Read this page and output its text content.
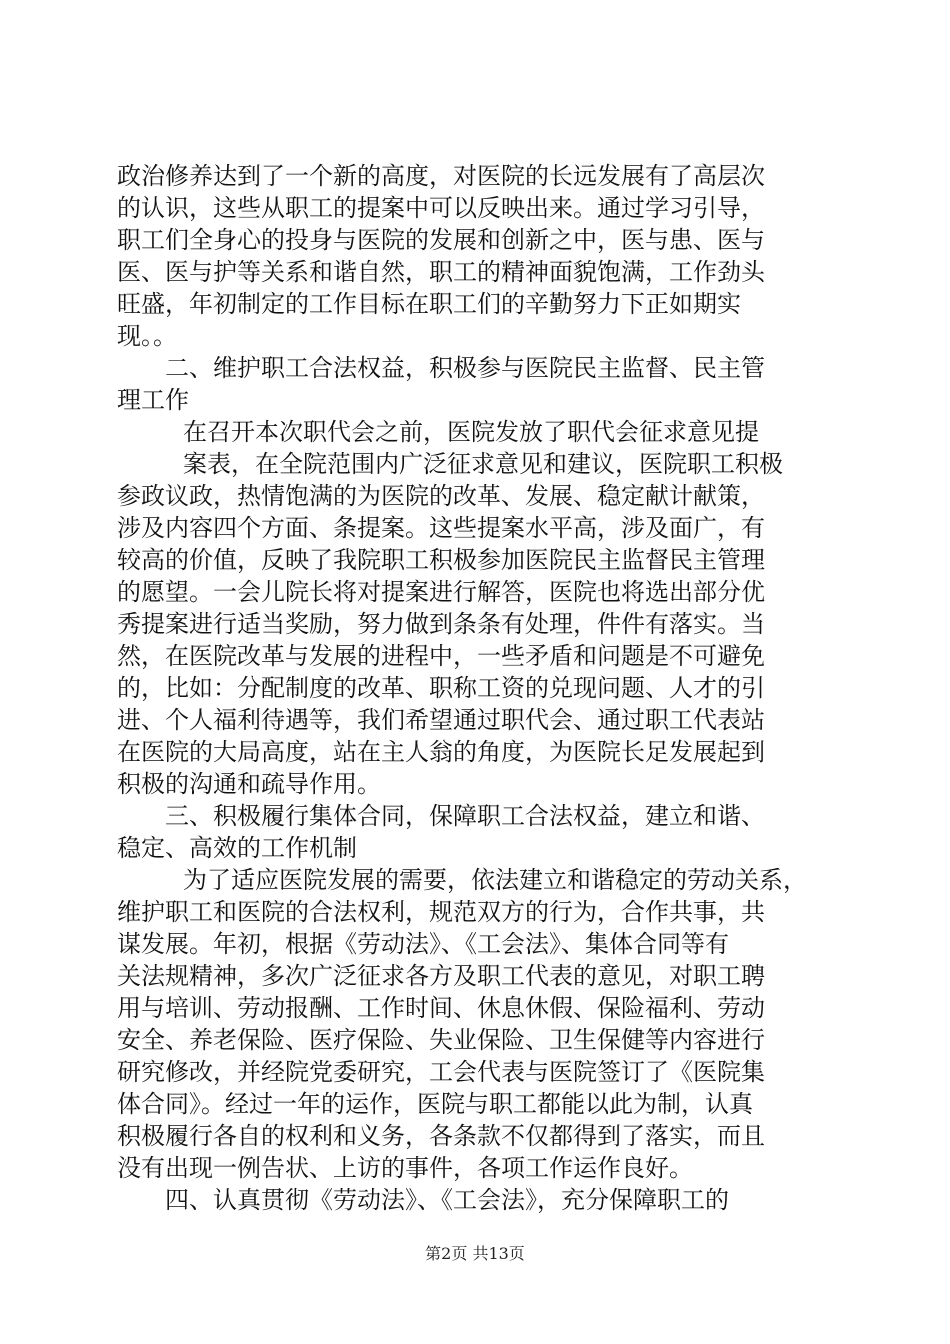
政治修养达到了一个新的高度，对医院的长远发展有了高层次
的认识，这些从职工的提案中可以反映出来。通过学习引导，
职工们全身心的投身与医院的发展和创新之中，医与患、医与
医、医与护等关系和谐自然，职工的精神面貌饱满，工作劲头
旺盛，年初制定的工作目标在职工们的辛勤努力下正如期实
现。。
二、维护职工合法权益，积极参与医院民主监督、民主管
理工作
在召开本次职代会之前，医院发放了职代会征求意见提
案表，在全院范围内广泛征求意见和建议，医院职工积极
参政议政，热情饱满的为医院的改革、发展、稳定献计献策，
涉及内容四个方面、条提案。这些提案水平高，涉及面广，有
较高的价值，反映了我院职工积极参加医院民主监督民主管理
的愿望。一会儿院长将对提案进行解答，医院也将选出部分优
秀提案进行适当奖励，努力做到条条有处理，件件有落实。当
然，在医院改革与发展的进程中，一些矛盾和问题是不可避免
的，比如：分配制度的改革、职称工资的兑现问题、人才的引
进、个人福利待遇等，我们希望通过职代会、通过职工代表站
在医院的大局高度，站在主人翁的角度，为医院长足发展起到
积极的沟通和疏导作用。
三、积极履行集体合同，保障职工合法权益，建立和谐、
稳定、高效的工作机制
为了适应医院发展的需要，依法建立和谐稳定的劳动关系，
维护职工和医院的合法权利，规范双方的行为，合作共事，共
谋发展。年初，根据《劳动法》、《工会法》、集体合同等有
关法规精神，多次广泛征求各方及职工代表的意见，对职工聘
用与培训、劳动报酬、工作时间、休息休假、保险福利、劳动
安全、养老保险、医疗保险、失业保险、卫生保健等内容进行
研究修改，并经院党委研究，工会代表与医院签订了《医院集
体合同》。经过一年的运作，医院与职工都能以此为制，认真
积极履行各自的权利和义务，各条款不仅都得到了落实，而且
没有出现一例告状、上访的事件，各项工作运作良好。
四、认真贯彻《劳动法》、《工会法》，充分保障职工的
第2页 共13页
